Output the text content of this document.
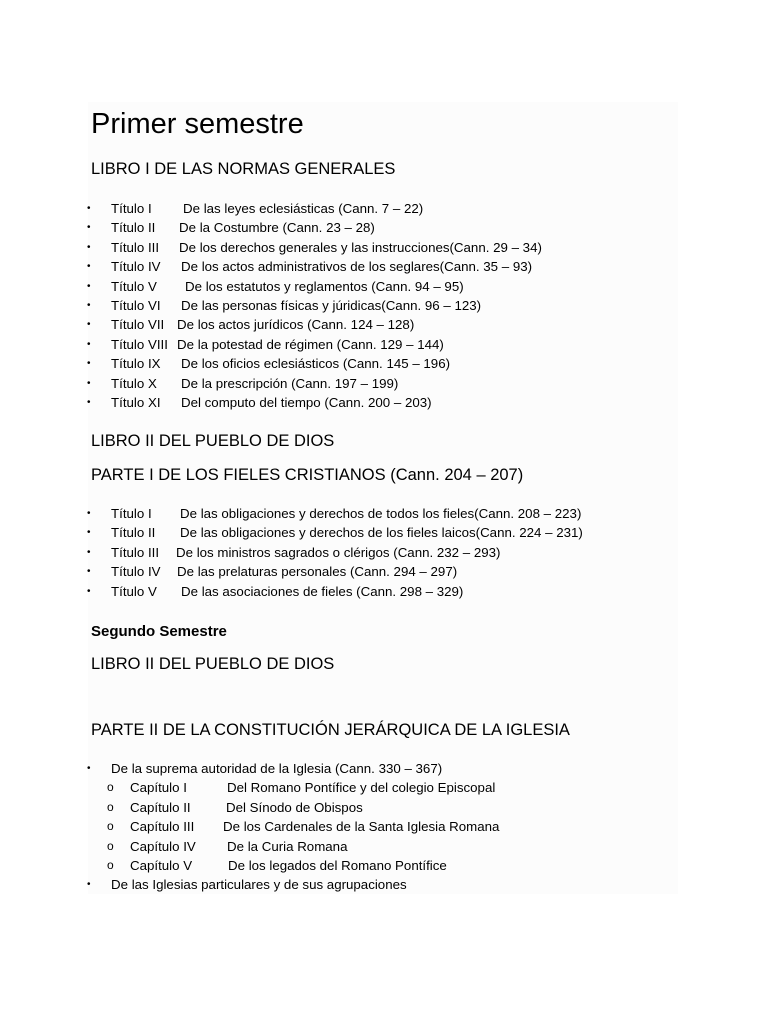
Primer semestre
LIBRO I DE LAS NORMAS GENERALES
• Título I De las leyes eclesiásticas (Cann. 7 – 22)
• Título II De la Costumbre (Cann. 23 – 28)
• Título III De los derechos generales y las instrucciones(Cann. 29 – 34)
• Título IV De los actos administrativos de los seglares(Cann. 35 – 93)
• Título V De los estatutos y reglamentos (Cann. 94 – 95)
• Título VI De las personas físicas y júridicas(Cann. 96 – 123)
• Título VII De los actos jurídicos (Cann. 124 – 128)
• Título VIII De la potestad de régimen (Cann. 129 – 144)
• Título IX De los oficios eclesiásticos (Cann. 145 – 196)
• Título X De la prescripción (Cann. 197 – 199)
• Título XI Del computo del tiempo (Cann. 200 – 203)
LIBRO II DEL PUEBLO DE DIOS
PARTE I DE LOS FIELES CRISTIANOS (Cann. 204 – 207)
• Título I De las obligaciones y derechos de todos los fieles(Cann. 208 – 223)
• Título II De las obligaciones y derechos de los fieles laicos(Cann. 224 – 231)
• Título III De los ministros sagrados o clérigos (Cann. 232 – 293)
• Título IV De las prelaturas personales (Cann. 294 – 297)
• Título V De las asociaciones de fieles (Cann. 298 – 329)
Segundo Semestre
LIBRO II DEL PUEBLO DE DIOS
PARTE II DE LA CONSTITUCIÓN JERÁRQUICA DE LA IGLESIA
• De la suprema autoridad de la Iglesia (Cann. 330 – 367)
o Capítulo I	Del Romano Pontífice y del colegio Episcopal
o Capítulo II	Del Sínodo de Obispos
o Capítulo III De los Cardenales de la Santa Iglesia Romana
o Capítulo IV De la Curia Romana
o Capítulo V	De los legados del Romano Pontífice
• De las Iglesias particulares y de sus agrupaciones
